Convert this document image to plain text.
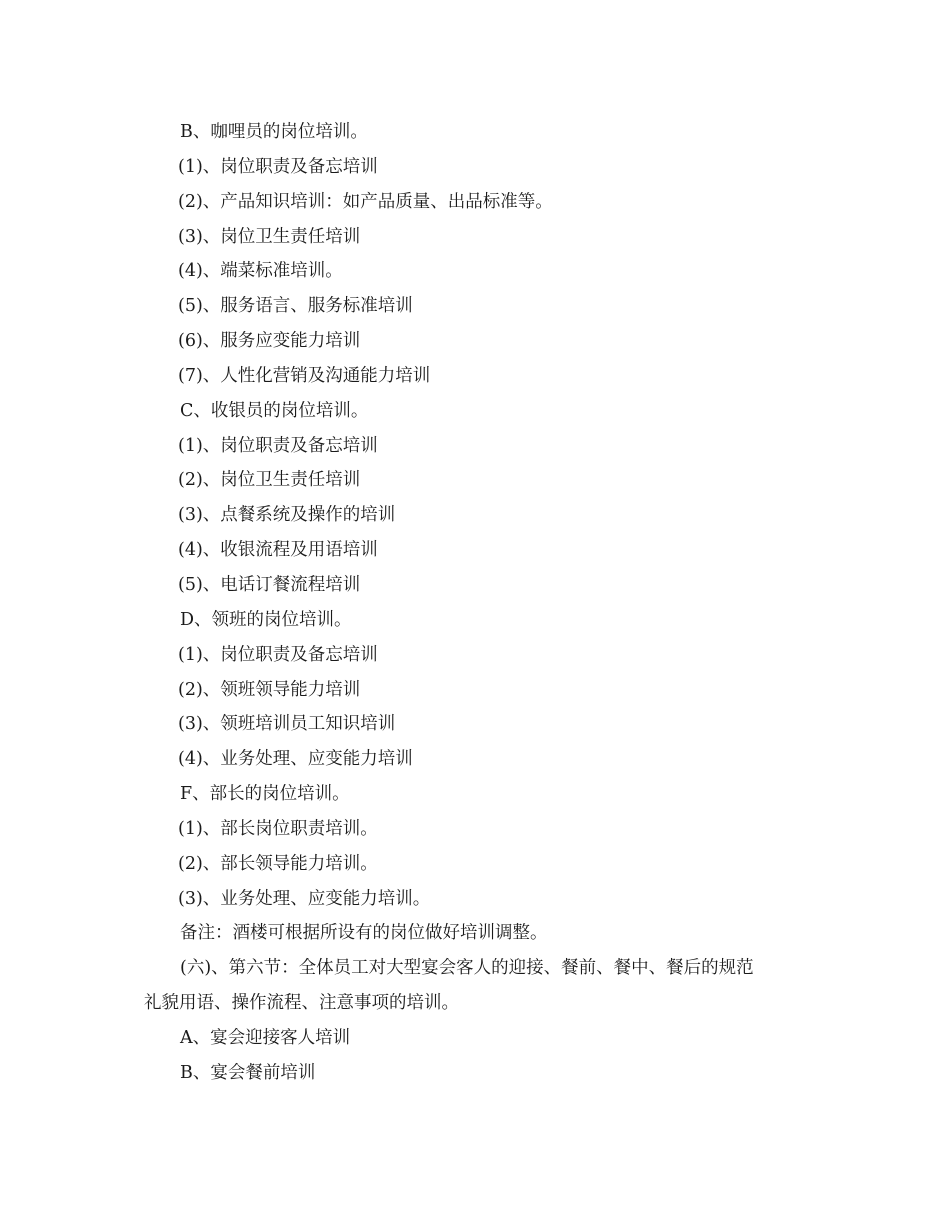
B、咖哩员的岗位培训。
(1)、岗位职责及备忘培训
(2)、产品知识培训：如产品质量、出品标准等。
(3)、岗位卫生责任培训
(4)、端菜标准培训。
(5)、服务语言、服务标准培训
(6)、服务应变能力培训
(7)、人性化营销及沟通能力培训
C、收银员的岗位培训。
(1)、岗位职责及备忘培训
(2)、岗位卫生责任培训
(3)、点餐系统及操作的培训
(4)、收银流程及用语培训
(5)、电话订餐流程培训
D、领班的岗位培训。
(1)、岗位职责及备忘培训
(2)、领班领导能力培训
(3)、领班培训员工知识培训
(4)、业务处理、应变能力培训
F、部长的岗位培训。
(1)、部长岗位职责培训。
(2)、部长领导能力培训。
(3)、业务处理、应变能力培训。
备注：酒楼可根据所设有的岗位做好培训调整。
(六)、第六节：全体员工对大型宴会客人的迎接、餐前、餐中、餐后的规范
礼貌用语、操作流程、注意事项的培训。
A、宴会迎接客人培训
B、宴会餐前培训
